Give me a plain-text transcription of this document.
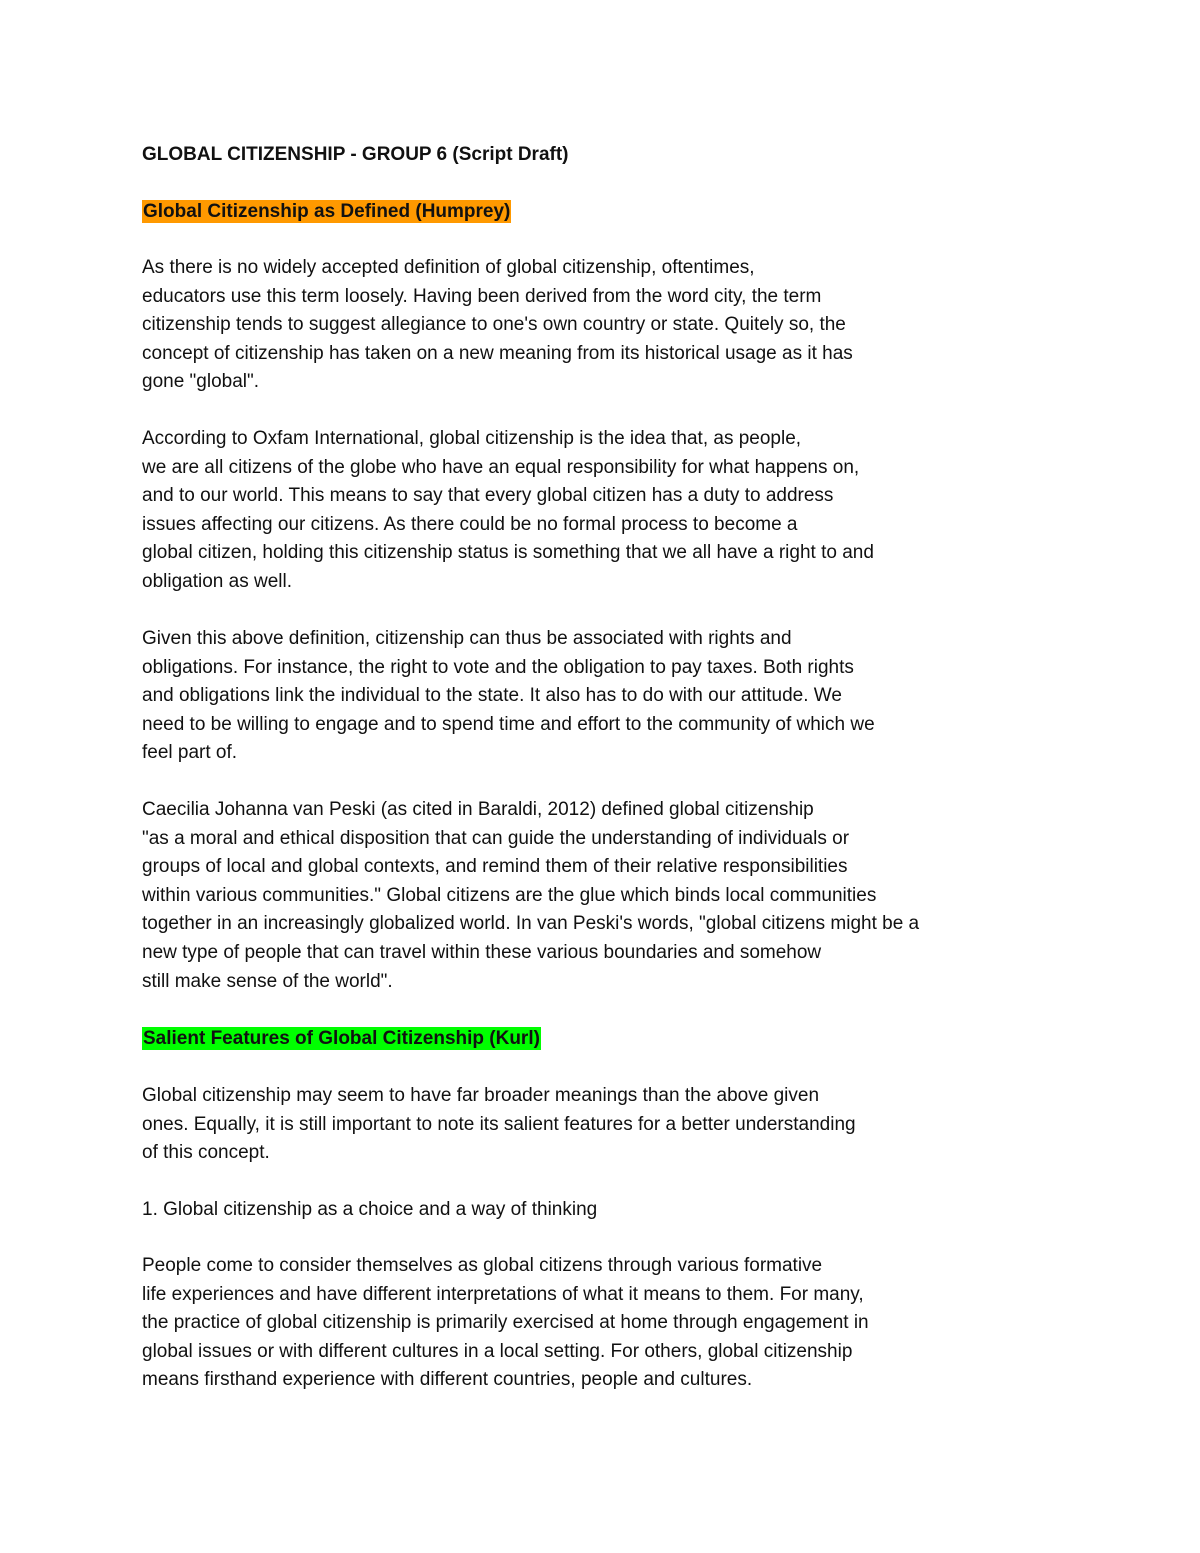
GLOBAL CITIZENSHIP - GROUP 6 (Script Draft)
Global Citizenship as Defined (Humprey)
As there is no widely accepted definition of global citizenship, oftentimes,
educators use this term loosely. Having been derived from the word city, the term
citizenship tends to suggest allegiance to one's own country or state. Quitely so, the
concept of citizenship has taken on a new meaning from its historical usage as it has
gone "global".
According to Oxfam International, global citizenship is the idea that, as people,
we are all citizens of the globe who have an equal responsibility for what happens on,
and to our world. This means to say that every global citizen has a duty to address
issues affecting our citizens. As there could be no formal process to become a
global citizen, holding this citizenship status is something that we all have a right to and
obligation as well.
Given this above definition, citizenship can thus be associated with rights and
obligations. For instance, the right to vote and the obligation to pay taxes. Both rights
and obligations link the individual to the state. It also has to do with our attitude. We
need to be willing to engage and to spend time and effort to the community of which we
feel part of.
Caecilia Johanna van Peski (as cited in Baraldi, 2012) defined global citizenship
"as a moral and ethical disposition that can guide the understanding of individuals or
groups of local and global contexts, and remind them of their relative responsibilities
within various communities." Global citizens are the glue which binds local communities
together in an increasingly globalized world. In van Peski's words, "global citizens might be a
new type of people that can travel within these various boundaries and somehow
still make sense of the world".
Salient Features of Global Citizenship (Kurl)
Global citizenship may seem to have far broader meanings than the above given
ones. Equally, it is still important to note its salient features for a better understanding
of this concept.
1. Global citizenship as a choice and a way of thinking
People come to consider themselves as global citizens through various formative
life experiences and have different interpretations of what it means to them. For many,
the practice of global citizenship is primarily exercised at home through engagement in
global issues or with different cultures in a local setting. For others, global citizenship
means firsthand experience with different countries, people and cultures.
